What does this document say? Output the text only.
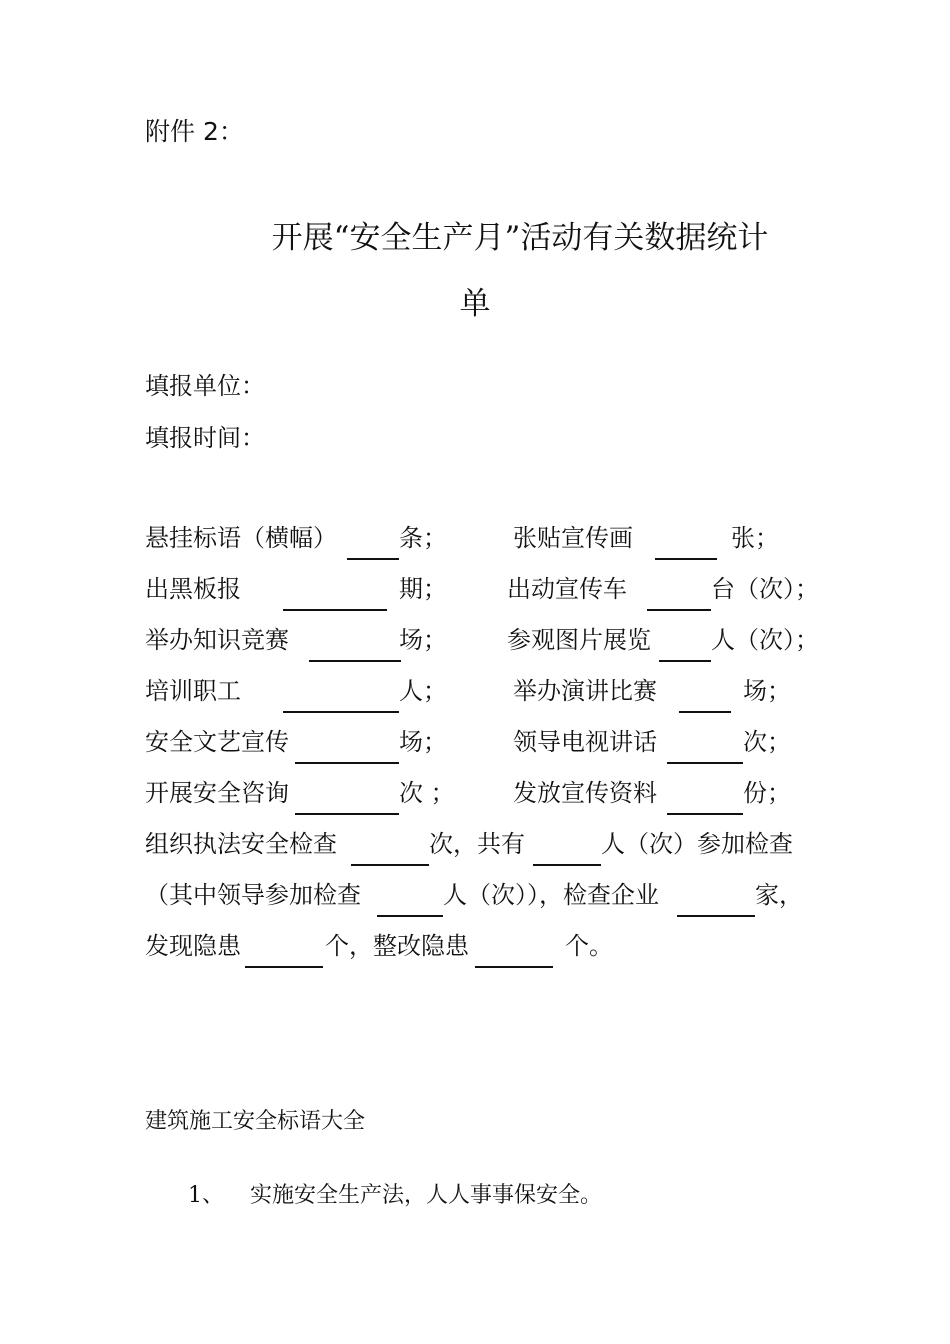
附件 2：
开展“安全生产月”活动有关数据统计
单
填报单位：
填报时间：
悬挂标语（横幅）	条；	张贴宣传画	张；
出黑板报	期；	出动宣传车	台（次）；
举办知识竞赛	场；	参观图片展览	人（次）；
培训职工	人；	举办演讲比赛	场；
安全文艺宣传	场；	领导电视讲话	次；
开展安全咨询	次 ； 发放宣传资料	份；
组织执法安全检查	次，共有	人（次）参加检查
（其中领导参加检查	人（次）），检查企业	家，
发现隐患	个，整改隐患	个。
建筑施工安全标语大全
1、 实施安全生产法，人人事事保安全。
